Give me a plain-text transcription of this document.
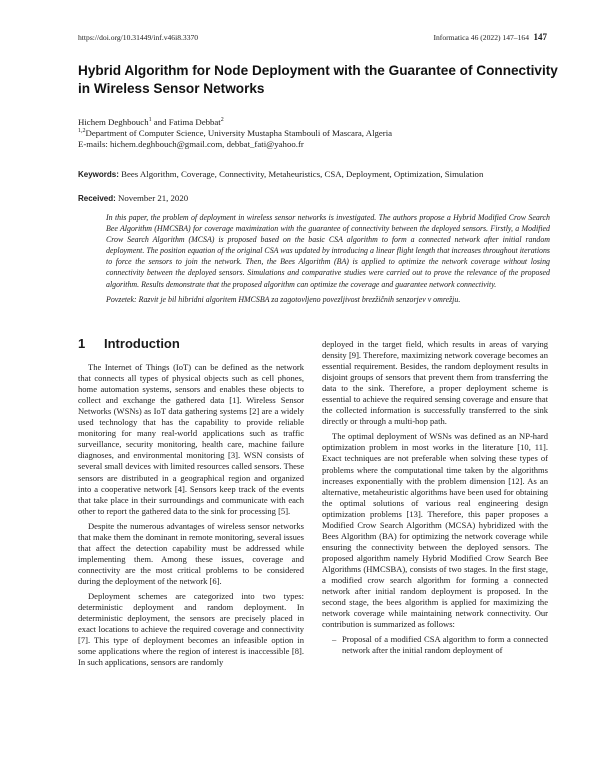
https://doi.org/10.31449/inf.v46i8.3370	Informatica 46 (2022) 147–164 147
Hybrid Algorithm for Node Deployment with the Guarantee of Connectivity in Wireless Sensor Networks
Hichem Deghbouch$^1$ and Fatima Debbat$^2$
$^{1,2}$Department of Computer Science, University Mustapha Stambouli of Mascara, Algeria
E-mails: hichem.deghbouch@gmail.com, debbat_fati@yahoo.fr
Keywords: Bees Algorithm, Coverage, Connectivity, Metaheuristics, CSA, Deployment, Optimization, Simulation
Received: November 21, 2020

In this paper, the problem of deployment in wireless sensor networks is investigated. The authors propose a Hybrid Modified Crow Search Bee Algorithm (HMCSBA) for coverage maximization with the guarantee of connectivity between the deployed sensors. Firstly, a Modified Crow Search Algorithm (MCSA) is proposed based on the basic CSA algorithm to form a connected network after initial random deployment. The position equation of the original CSA was updated by introducing a linear flight length that increases throughout iterations to force the sensors to join the network. Then, the Bees Algorithm (BA) is applied to optimize the network coverage without losing connectivity between the deployed sensors. Simulations and comparative studies were carried out to prove the relevance of the proposed algorithm. Results demonstrate that the proposed algorithm can optimize the coverage and guarantee network connectivity.

Povzetek: Razvit je bil hibridni algoritem HMCSBA za zagotovljeno povezljivost brezžičnih senzorjev v omrežju.

1 Introduction

The Internet of Things (IoT) can be defined as the network that connects all types of physical objects such as cell phones, home automation systems, sensors and enables these objects to collect and exchange the gathered data [1]. Wireless Sensor Networks (WSNs) as IoT data gathering systems [2] are a widely used technology that has the capability to provide reliable monitoring for many real-world applications such as traffic surveillance, security monitoring, health care, machine failure diagnoses, and environmental monitoring [3]. WSN consists of several small devices with limited resources called sensors. These sensors are distributed in a geographical region and organized into a cooperative network [4]. Sensors keep track of the events that take place in their surroundings and communicate with each other to report the gathered data to the sink for processing [5].

Despite the numerous advantages of wireless sensor networks that make them the dominant in remote monitoring, several issues that affect the detection capability must be addressed while implementing them. Among these issues, coverage and connectivity are the most critical problems to be considered during the deployment of the network [6].

Deployment schemes are categorized into two types: deterministic deployment and random deployment. In deterministic deployment, the sensors are precisely placed in exact locations to achieve the required coverage and connectivity [7]. This type of deployment becomes an infeasible option in some applications where the region of interest is inaccessible [8]. In such applications, sensors are randomly

deployed in the target field, which results in areas of varying density [9]. Therefore, maximizing network coverage becomes an essential requirement. Besides, the random deployment results in disjoint groups of sensors that prevent them from transferring the data to the sink. Therefore, a proper deployment scheme is essential to achieve the required sensing coverage and ensure that the collected information is successfully transferred to the sink directly or through a multi-hop path.

The optimal deployment of WSNs was defined as an NP-hard optimization problem in most works in the literature [10, 11]. Exact techniques are not preferable when solving these types of problems where the computational time taken by the algorithms increases exponentially with the problem dimension [12]. As an alternative, metaheuristic algorithms have been used for obtaining the optimal solutions of various real engineering design optimization problems [13]. Therefore, this paper proposes a Modified Crow Search Algorithm (MCSA) hybridized with the Bees Algorithm (BA) for optimizing the network coverage while ensuring the connectivity between the deployed sensors. The proposed algorithm namely Hybrid Modified Crow Search Bee Algorithms (HMCSBA), consists of two stages. In the first stage, a modified crow search algorithm for forming a connected network after initial random deployment is proposed. In the second stage, the bees algorithm is applied for maximizing the network coverage while maintaining network connectivity. Our contribution is summarized as follows:

– Proposal of a modified CSA algorithm to form a connected network after the initial random deployment of
